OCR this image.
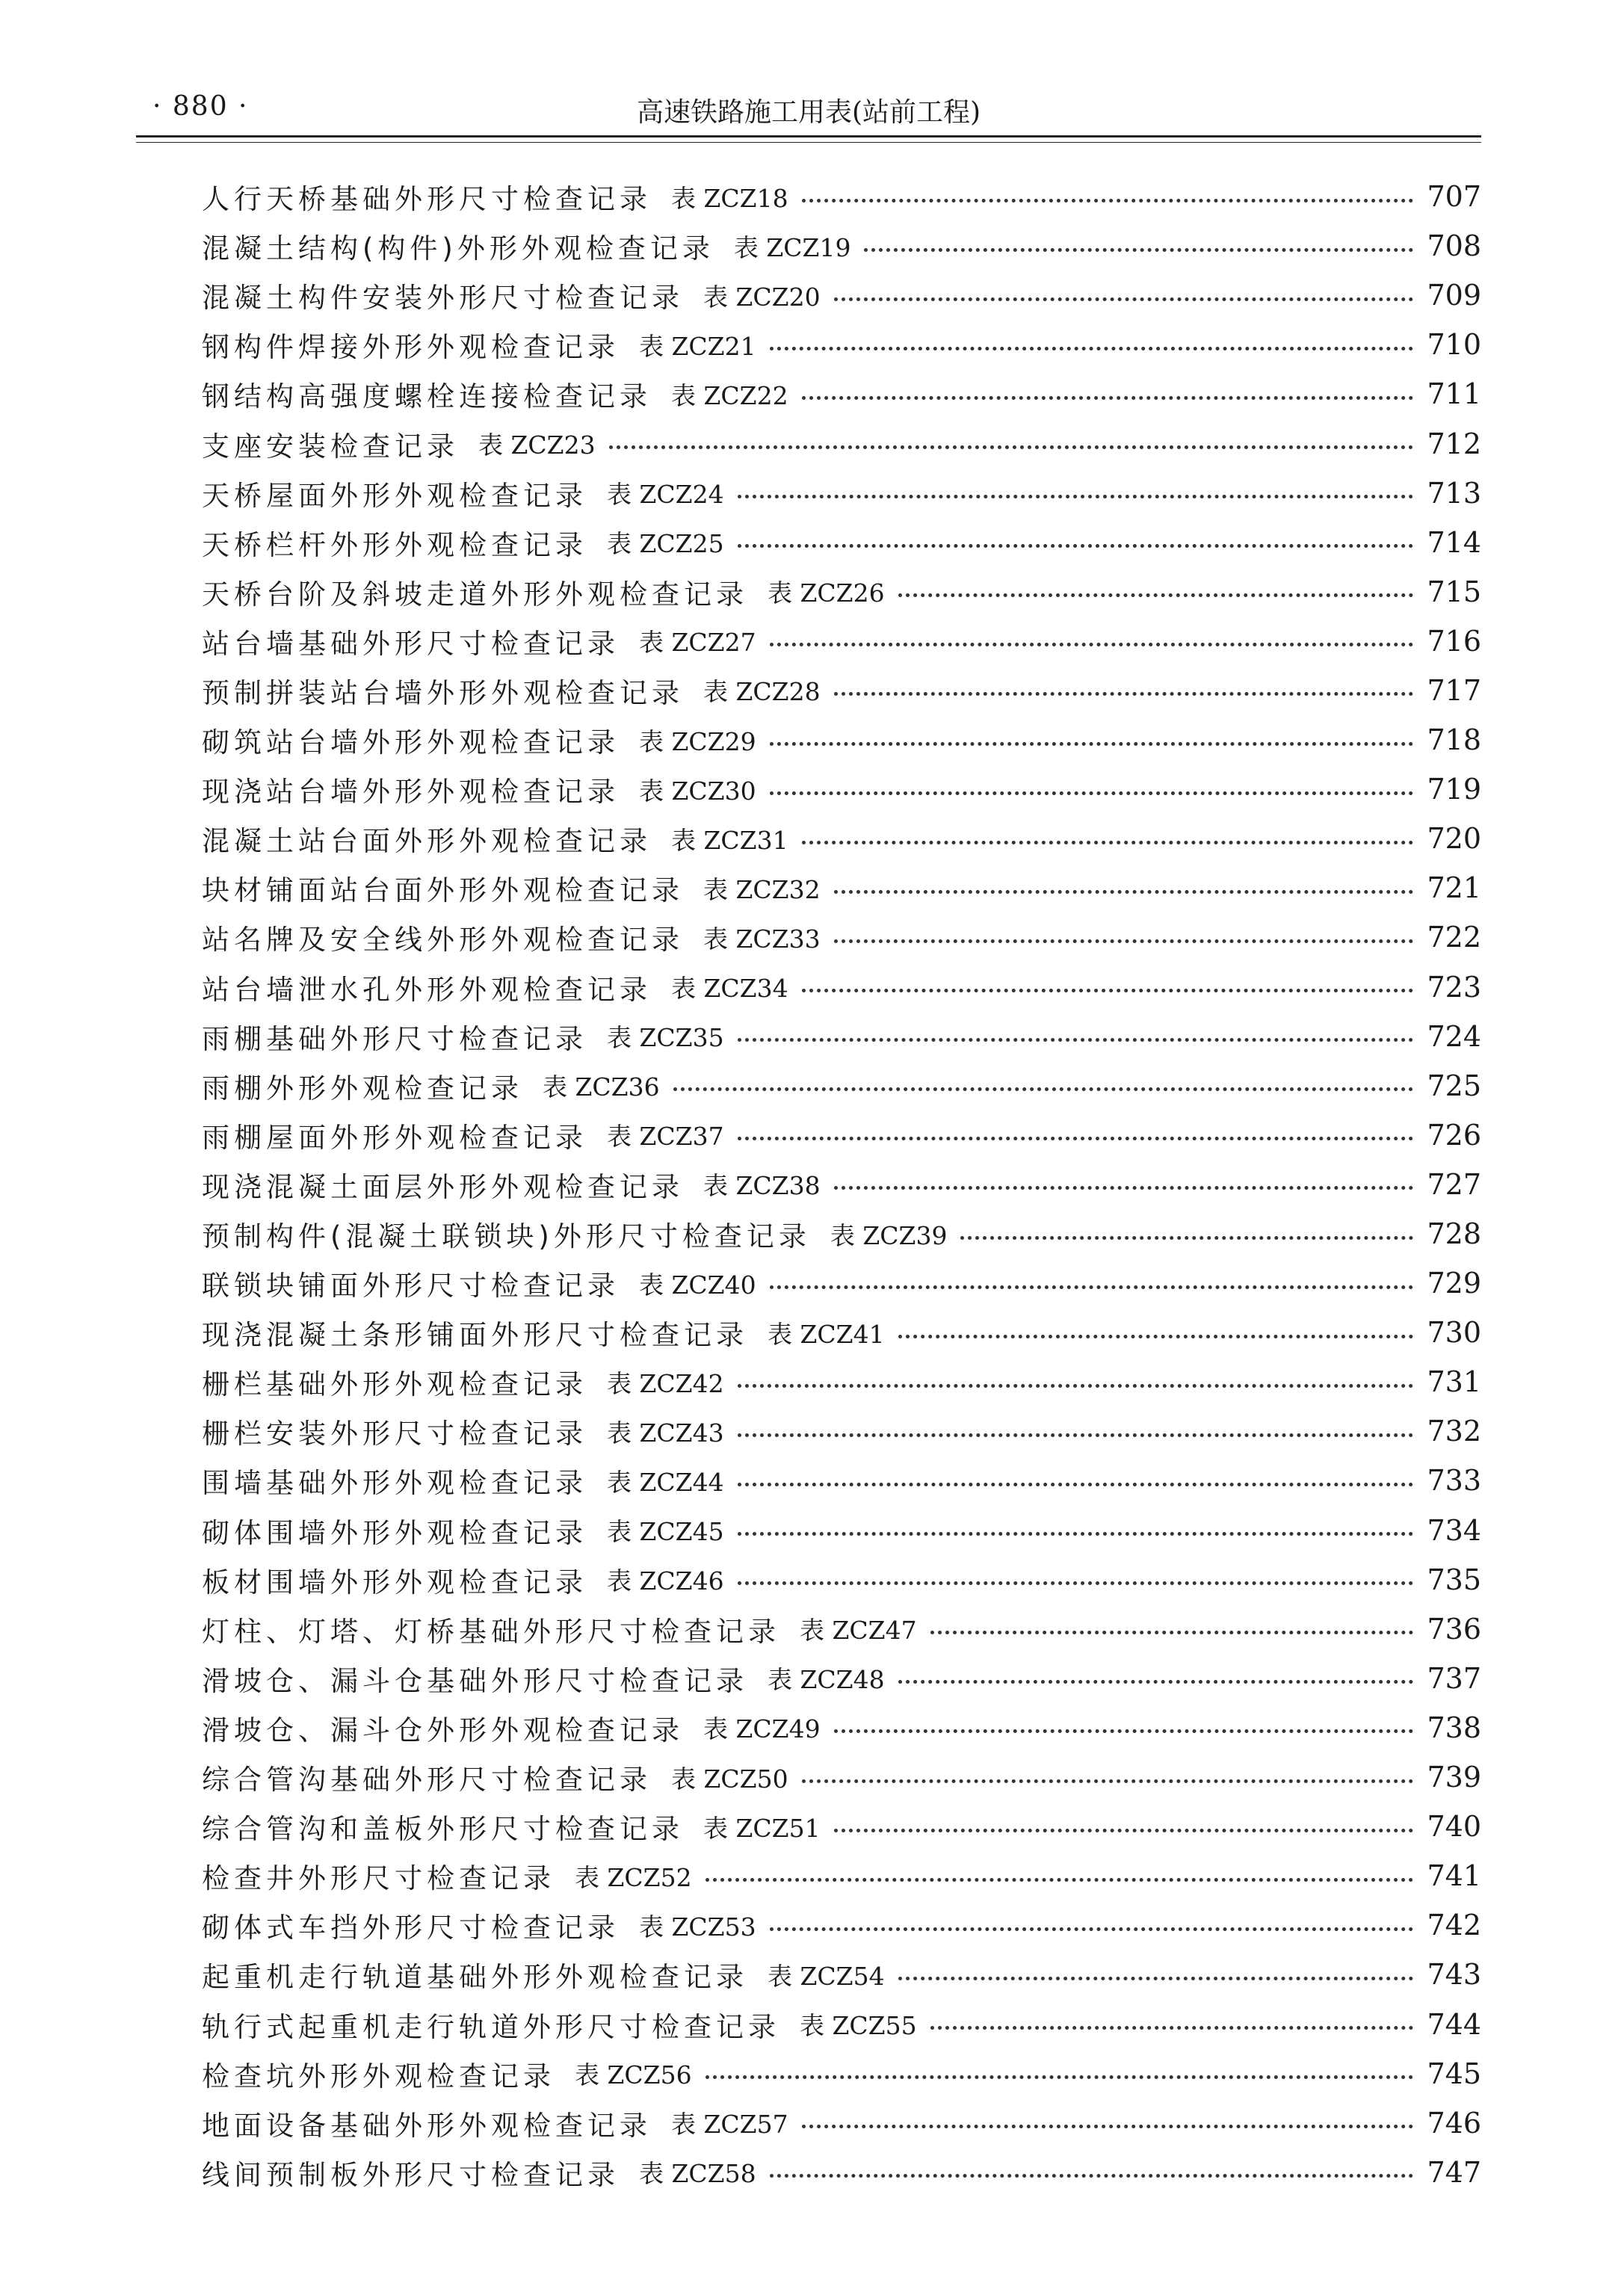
· 880 ·	高速铁路施工用表(站前工程)
人行天桥基础外形尺寸检查记录 表 ZCZ18	707
混凝土结构(构件)外形外观检查记录 表 ZCZ19	708
混凝土构件安装外形尺寸检查记录 表 ZCZ20	709
钢构件焊接外形外观检查记录 表 ZCZ21	710
钢结构高强度螺栓连接检查记录 表 ZCZ22	711
支座安装检查记录 表 ZCZ23	712
天桥屋面外形外观检查记录 表 ZCZ24	713
天桥栏杆外形外观检查记录 表 ZCZ25	714
天桥台阶及斜坡走道外形外观检查记录 表 ZCZ26	715
站台墙基础外形尺寸检查记录 表 ZCZ27	716
预制拼装站台墙外形外观检查记录 表 ZCZ28	717
砌筑站台墙外形外观检查记录 表 ZCZ29	718
现浇站台墙外形外观检查记录 表 ZCZ30	719
混凝土站台面外形外观检查记录 表 ZCZ31	720
块材铺面站台面外形外观检查记录 表 ZCZ32	721
站名牌及安全线外形外观检查记录 表 ZCZ33	722
站台墙泄水孔外形外观检查记录 表 ZCZ34	723
雨棚基础外形尺寸检查记录 表 ZCZ35	724
雨棚外形外观检查记录 表 ZCZ36	725
雨棚屋面外形外观检查记录 表 ZCZ37	726
现浇混凝土面层外形外观检查记录 表 ZCZ38	727
预制构件(混凝土联锁块)外形尺寸检查记录 表 ZCZ39	728
联锁块铺面外形尺寸检查记录 表 ZCZ40	729
现浇混凝土条形铺面外形尺寸检查记录 表 ZCZ41	730
栅栏基础外形外观检查记录 表 ZCZ42	731
栅栏安装外形尺寸检查记录 表 ZCZ43	732
围墙基础外形外观检查记录 表 ZCZ44	733
砌体围墙外形外观检查记录 表 ZCZ45	734
板材围墙外形外观检查记录 表 ZCZ46	735
灯柱、灯塔、灯桥基础外形尺寸检查记录 表 ZCZ47	736
滑坡仓、漏斗仓基础外形尺寸检查记录 表 ZCZ48	737
滑坡仓、漏斗仓外形外观检查记录 表 ZCZ49	738
综合管沟基础外形尺寸检查记录 表 ZCZ50	739
综合管沟和盖板外形尺寸检查记录 表 ZCZ51	740
检查井外形尺寸检查记录 表 ZCZ52	741
砌体式车挡外形尺寸检查记录 表 ZCZ53	742
起重机走行轨道基础外形外观检查记录 表 ZCZ54	743
轨行式起重机走行轨道外形尺寸检查记录 表 ZCZ55	744
检查坑外形外观检查记录 表 ZCZ56	745
地面设备基础外形外观检查记录 表 ZCZ57	746
线间预制板外形尺寸检查记录 表 ZCZ58	747
